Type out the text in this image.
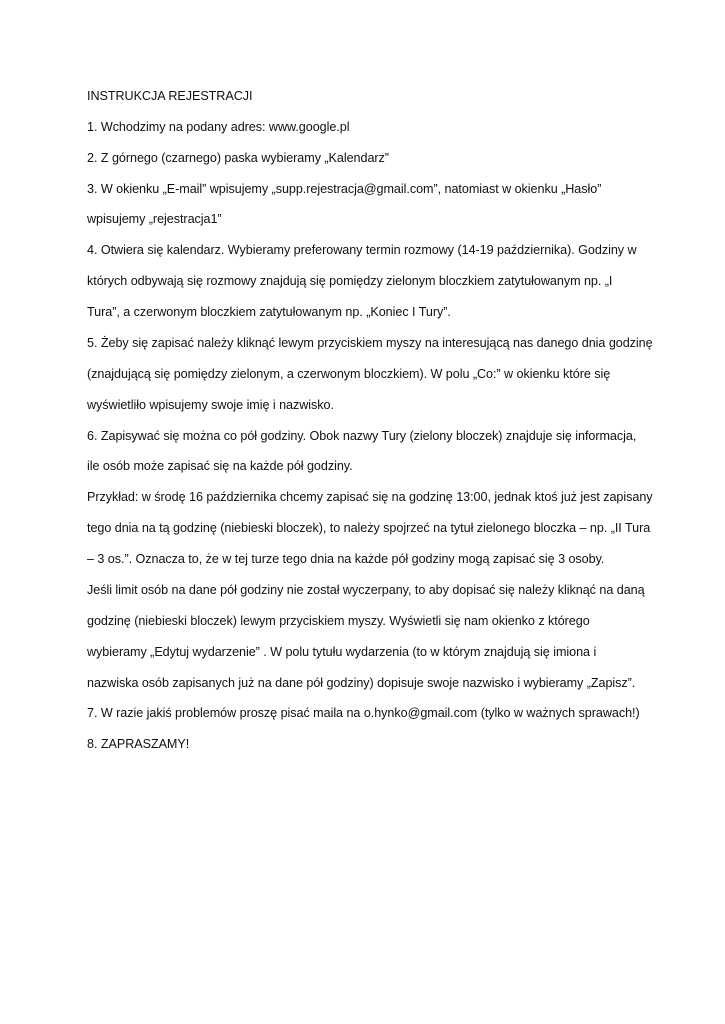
INSTRUKCJA REJESTRACJI
1. Wchodzimy na podany adres: www.google.pl
2. Z górnego (czarnego) paska wybieramy „Kalendarz”
3. W okienku „E-mail” wpisujemy „supp.rejestracja@gmail.com”, natomiast w okienku „Hasło”
wpisujemy „rejestracja1”
4. Otwiera się kalendarz. Wybieramy preferowany termin rozmowy (14-19 października). Godziny w
których odbywają się rozmowy znajdują się pomiędzy zielonym bloczkiem zatytułowanym np. „I
Tura”, a czerwonym bloczkiem zatytułowanym np. „Koniec I Tury”.
5. Żeby się zapisać należy kliknąć lewym przyciskiem myszy na interesującą nas danego dnia godzinę
(znajdującą się pomiędzy zielonym, a czerwonym bloczkiem). W polu „Co:” w okienku które się
wyświetliło wpisujemy swoje imię i nazwisko.
6. Zapisywać się można co pół godziny. Obok nazwy Tury (zielony bloczek) znajduje się informacja,
ile osób może zapisać się na każde pół godziny.
Przykład: w środę 16 października chcemy zapisać się na godzinę 13:00, jednak ktoś już jest zapisany
tego dnia na tą godzinę (niebieski bloczek), to należy spojrzeć na tytuł zielonego bloczka – np. „II Tura
– 3 os.”. Oznacza to, że w tej turze tego dnia na każde pół godziny mogą zapisać się 3 osoby.
Jeśli limit osób na dane pół godziny nie został wyczerpany, to aby dopisać się należy kliknąć na daną
godzinę (niebieski bloczek) lewym przyciskiem myszy. Wyświetli się nam okienko z którego
wybieramy „Edytuj wydarzenie” . W polu tytułu wydarzenia (to w którym znajdują się imiona i
nazwiska osób zapisanych już na dane pół godziny) dopisuje swoje nazwisko i wybieramy „Zapisz”.
7. W razie jakiś problemów proszę pisać maila na o.hynko@gmail.com (tylko w ważnych sprawach!)
8. ZAPRASZAMY!
